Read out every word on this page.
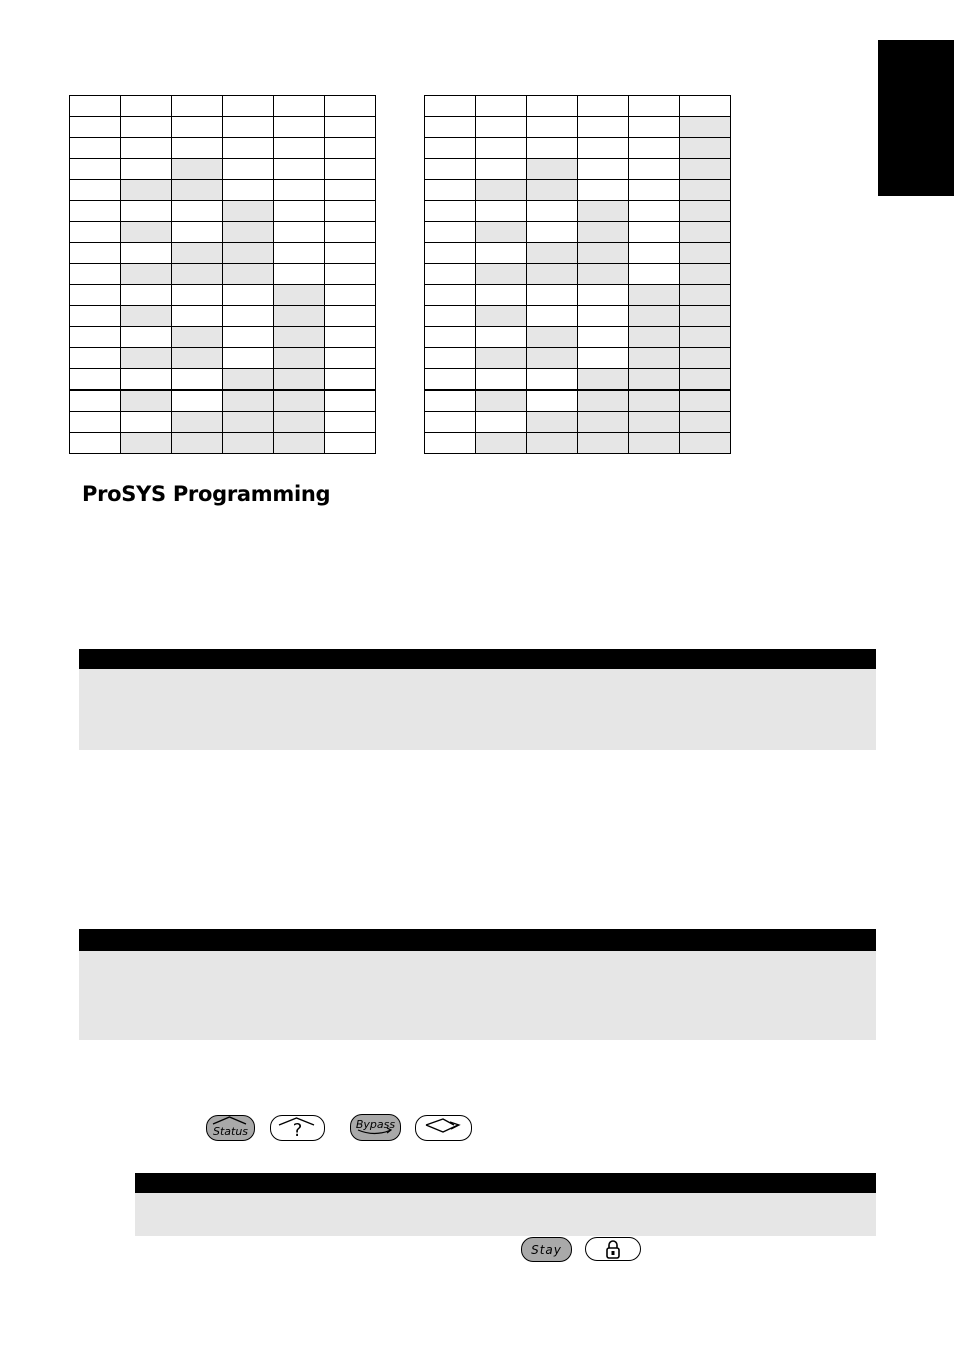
ProSYS Programming
Status ?	Bypass
Stay
